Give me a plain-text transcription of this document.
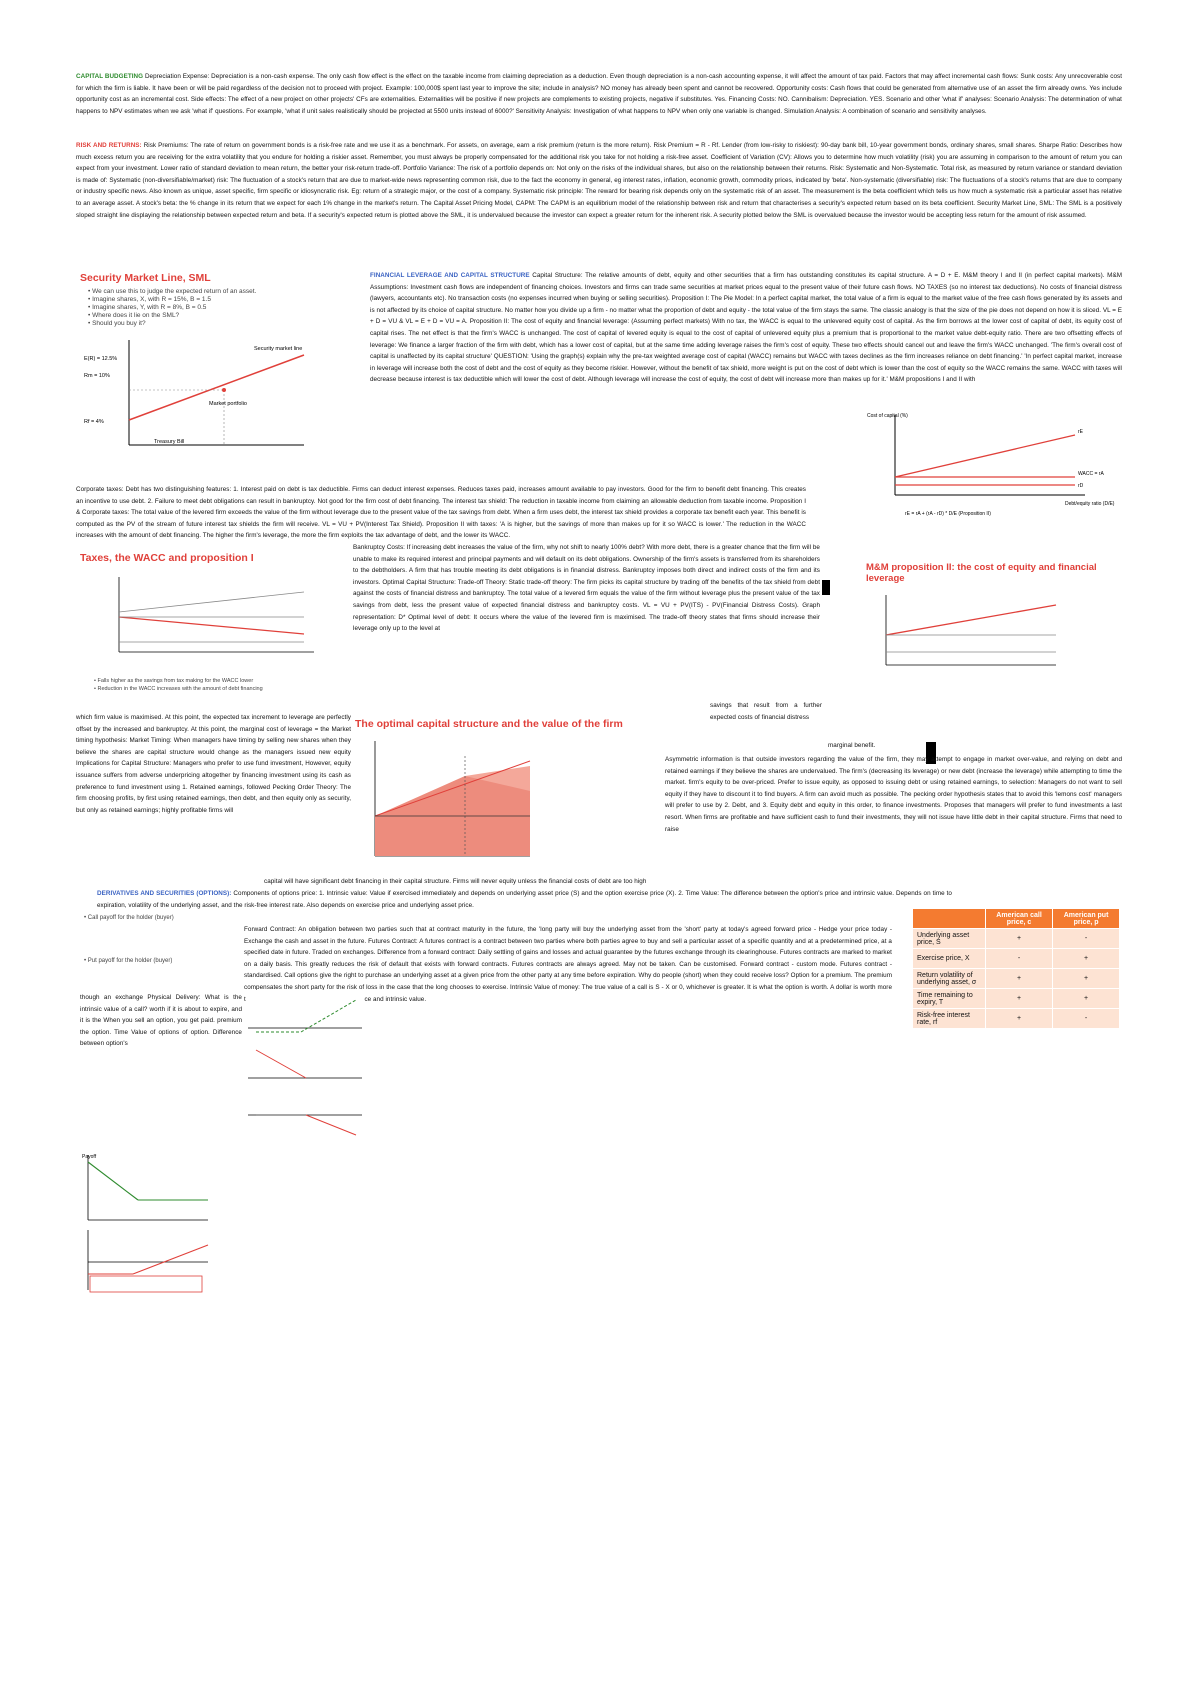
CAPITAL BUDGETING Depreciation Expense: Depreciation is a non-cash expense. The only cash flow effect is the effect on the taxable income from claiming depreciation as a deduction. Even though depreciation is a non-cash accounting expense, it will affect the amount of tax paid. Factors that may affect incremental cash flows: Sunk costs: Any unrecoverable cost for which the firm is liable. It have been or will be paid regardless of the decision not to proceed with project. Example: 100,000$ spent last year to improve the site; include in analysis? NO money has already been spent and cannot be recovered. Opportunity costs: Cash flows that could be generated from alternative use of an asset the firm already owns. Yes include opportunity cost as an incremental cost. Side effects: The effect of a new project on other projects' CFs are externalities. Externalities will be positive if new projects are complements to existing projects, negative if substitutes. Yes. Financing Costs: NO. Cannibalism: Depreciation. YES. Scenario and other 'what if' analyses: Scenario Analysis: The determination of what happens to NPV estimates when we ask 'what if' questions. For example, 'what if unit sales realistically should be projected at 5500 units instead of 6000?' Sensitivity Analysis: Investigation of what happens to NPV when only one variable is changed. Simulation Analysis: A combination of scenario and sensitivity analyses.
RISK AND RETURNS: Risk Premiums: The rate of return on government bonds is a risk-free rate and we use it as a benchmark. For assets, on average, earn a risk premium (return is the more return). Risk Premium = R - Rf. Lender (from low-risky to riskiest): 90-day bank bill, 10-year government bonds, ordinary shares, small shares. Sharpe Ratio: Describes how much excess return you are receiving for the extra volatility that you endure for holding a riskier asset. Remember, you must always be properly compensated for the additional risk you take for not holding a risk-free asset. Coefficient of Variation (CV): Allows you to determine how much volatility (risk) you are assuming in comparison to the amount of return you can expect from your investment. Lower ratio of standard deviation to mean return, the better your risk-return trade-off. Portfolio Variance: The risk of a portfolio depends on: Not only on the risks of the individual shares, but also on the relationship between their returns. Risk: Systematic and Non-Systematic. Total risk, as measured by return variance or standard deviation is made of: Systematic (non-diversifiable/market) risk: The fluctuation of a stock's return that are due to market-wide news representing common risk, due to the fact the economy in general, eg interest rates, inflation, economic growth, commodity prices, indicated by 'beta'. Non-systematic (diversifiable) risk: The fluctuations of a stock's returns that are due to company or industry specific news. Also known as unique, asset specific, firm specific or idiosyncratic risk. Eg: return of a strategic major, or the cost of a company. Systematic risk principle: The reward for bearing risk depends only on the systematic risk of an asset. The measurement is the beta coefficient which tells us how much a systematic risk a particular asset has relative to an average asset. A stock's beta: the % change in its return that we expect for each 1% change in the market's return. The Capital Asset Pricing Model, CAPM: The CAPM is an equilibrium model of the relationship between risk and return that characterises a security's expected return based on its beta coefficient. Security Market Line, SML: The SML is a positively sloped straight line displaying the relationship between expected return and beta. If a security's expected return is plotted above the SML, it is undervalued because the investor can expect a greater return for the inherent risk. A security plotted below the SML is overvalued because the investor would be accepting less return for the amount of risk assumed.
Security Market Line, SML
• We can use this to judge the expected return of an asset.
• Imagine shares, X, with R = 15%, B = 1.5
• Imagine shares, Y, with R = 8%, B = 0.5
• Where does it lie on the SML?
• Should you buy it?
E(R) = 12.5%
Rm = 10%
Rf = 4%
Security market line
Market portfolio
Treasury Bill
FINANCIAL LEVERAGE AND CAPITAL STRUCTURE Capital Structure: The relative amounts of debt, equity and other securities that a firm has outstanding constitutes its capital structure. A = D + E. M&M theory I and II (in perfect capital markets). M&M Assumptions: Investment cash flows are independent of financing choices. Investors and firms can trade same securities at market prices equal to the present value of their future cash flows. NO TAXES (so no interest tax deductions). No costs of financial distress (lawyers, accountants etc). No transaction costs (no expenses incurred when buying or selling securities). Proposition I: The Pie Model: In a perfect capital market, the total value of a firm is equal to the market value of the free cash flows generated by its assets and is not affected by its choice of capital structure. No matter how you divide up a firm - no matter what the proportion of debt and equity - the total value of the firm stays the same. The classic analogy is that the size of the pie does not depend on how it is sliced. VL = E + D = VU & VL = E + D = VU = A. Proposition II: The cost of equity and financial leverage: (Assuming perfect markets) With no tax, the WACC is equal to the unlevered equity cost of capital. As the firm borrows at the lower cost of capital of debt, its equity cost of capital rises. The net effect is that the firm's WACC is unchanged. The cost of capital of levered equity is equal to the cost of capital of unlevered equity plus a premium that is proportional to the market value debt-equity ratio. There are two offsetting effects of leverage: We finance a larger fraction of the firm with debt, which has a lower cost of capital, but at the same time adding leverage raises the firm's cost of equity. These two effects should cancel out and leave the firm's WACC unchanged. 'The firm's overall cost of capital is unaffected by its capital structure' QUESTION: 'Using the graph(s) explain why the pre-tax weighted average cost of capital (WACC) remains but WACC with taxes declines as the firm increases reliance on debt financing.' 'In perfect capital market, increase in leverage will increase both the cost of debt and the cost of equity as they become riskier. However, without the benefit of tax shield, more weight is put on the cost of debt which is lower than the cost of equity so the WACC remains the same. WACC with taxes will decrease because interest is tax deductible which will lower the cost of debt. Although leverage will increase the cost of equity, the cost of debt will increase more than makes up for it.' M&M propositions I and II with
Cost of capital (%)
rE
WACC = rA
rD
Debt/equity ratio (D/E)
rE = rA + (rA - rD) * D/E (Proposition II)
Corporate taxes: Debt has two distinguishing features: 1. Interest paid on debt is tax deductible. Firms can deduct interest expenses. Reduces taxes paid, increases amount available to pay investors. Good for the firm to benefit debt financing. This creates an incentive to use debt. 2. Failure to meet debt obligations can result in bankruptcy. Not good for the firm cost of debt financing. The interest tax shield: The reduction in taxable income from claiming an allowable deduction from taxable income. Proposition I & Corporate taxes: The total value of the levered firm exceeds the value of the firm without leverage due to the present value of the tax savings from debt. When a firm uses debt, the interest tax shield provides a corporate tax benefit each year. This benefit is computed as the PV of the stream of future interest tax shields the firm will receive. VL = VU + PV(Interest Tax Shield). Proposition II with taxes: 'A is higher, but the savings of more than makes up for it so WACC is lower.' The reduction in the WACC increases with the amount of debt financing. The higher the firm's leverage, the more the firm exploits the tax advantage of debt, and the lower its WACC.
Taxes, the WACC and proposition I
• Falls higher as the savings from tax making for the WACC lower
• Reduction in the WACC increases with the amount of debt financing
Bankruptcy Costs: If increasing debt increases the value of the firm, why not shift to nearly 100% debt? With more debt, there is a greater chance that the firm will be unable to make its required interest and principal payments and will default on its debt obligations. Ownership of the firm's assets is transferred from its shareholders to the debtholders. A firm that has trouble meeting its debt obligations is in financial distress. Bankruptcy imposes both direct and indirect costs of the firm and its investors. Optimal Capital Structure: Trade-off Theory: Static trade-off theory: The firm picks its capital structure by trading off the benefits of the tax shield from debt against the costs of financial distress and bankruptcy. The total value of a levered firm equals the value of the firm without leverage plus the present value of the tax savings from debt, less the present value of expected financial distress and bankruptcy costs. VL = VU + PV(ITS) - PV(Financial Distress Costs). Graph representation: D* Optimal level of debt: It occurs where the value of the levered firm is maximised. The trade-off theory states that firms should increase their leverage only up to the level at
savings that result from a further expected costs of financial distress
M&M proposition II: the cost of equity and financial leverage
which firm value is maximised. At this point, the expected tax increment to leverage are perfectly offset by the increased and bankruptcy. At this point, the marginal cost of leverage = the Market timing hypothesis: Market Timing: When managers have timing by selling new shares when they believe the shares are capital structure would change as the managers issued new equity Implications for Capital Structure: Managers who prefer to use fund investment, However, equity issuance suffers from adverse underpricing altogether by financing investment using its cash as preference to fund investment using 1. Retained earnings, followed Pecking Order Theory: The firm choosing profits, by first using retained earnings, then debt, and then equity only as security, but only as retained earnings; highly profitable firms will
The optimal capital structure and the value of the firm
marginal benefit.
Asymmetric information is that outside investors regarding the value of the firm, they may attempt to engage in market over-value, and relying on debt and retained earnings if they believe the shares are undervalued. The firm's (decreasing its leverage) or new debt (increase the leverage) while attempting to time the market. firm's equity to be over-priced. Prefer to issue equity, as opposed to issuing debt or using retained earnings, to selection: Managers do not want to sell equity if they have to discount it to find buyers. A firm can avoid much as possible. The pecking order hypothesis states that to avoid this 'lemons cost' managers will prefer to use by 2. Debt, and 3. Equity debt and equity in this order, to finance investments. Proposes that managers will prefer to fund investments a last resort. When firms are profitable and have sufficient cash to fund their investments, they will not issue have little debt in their capital structure. Firms that need to raise
capital will have significant debt financing in their capital structure. Firms will never equity unless the financial costs of debt are too high
DERIVATIVES AND SECURITIES (OPTIONS): Components of options price: 1. Intrinsic value: Value if exercised immediately and depends on underlying asset price (S) and the option exercise price (X). 2. Time Value: The difference between the option's price and intrinsic value. Depends on time to expiration, volatility of the underlying asset, and the risk-free interest rate. Also depends on exercise price and underlying asset price.
Forward Contract: An obligation between two parties such that at contract maturity in the future, the 'long party will buy the underlying asset from the 'short' party at today's agreed forward price - Hedge your price today - Exchange the cash and asset in the future. Futures Contract: A futures contract is a contract between two parties where both parties agree to buy and sell a particular asset of a specific quantity and at a predetermined price, at a specified date in future. Traded on exchanges. Difference from a forward contract: Daily settling of gains and losses and actual guarantee by the futures exchange through its clearinghouse. Futures contracts are marked to market on a daily basis. This greatly reduces the risk of default that exists with forward contracts. Futures contracts are always agreed. May not be taken. Can be customised. Forward contract - custom mode. Futures contract - standardised. Call options give the right to purchase an underlying asset at a given price from the other party at any time before expiration. Why do people (short) when they could receive loss? Option for a premium. The premium compensates the short party for the risk of loss in the case that the long chooses to exercise. Intrinsic Value of money: The true value of a call is S - X or 0, whichever is greater. It is what the option is worth. A dollar is worth more than a dollar at a later date. Time Value price and intrinsic value.
• Call payoff for the holder (buyer)
• Put payoff for the holder (buyer)
though an exchange Physical Delivery: What is the intrinsic value of a call? worth if it is about to expire, and it is the When you sell an option, you get paid. premium the option. Time Value of options of option. Difference between option's
	American call price, c	American put price, p
Underlying asset price, S	+	-
Exercise price, X	-	+
Return volatility of underlying asset, σ	+	+
Time remaining to expiry, T	+	+
Risk-free interest rate, rf	+	-
Payoff
